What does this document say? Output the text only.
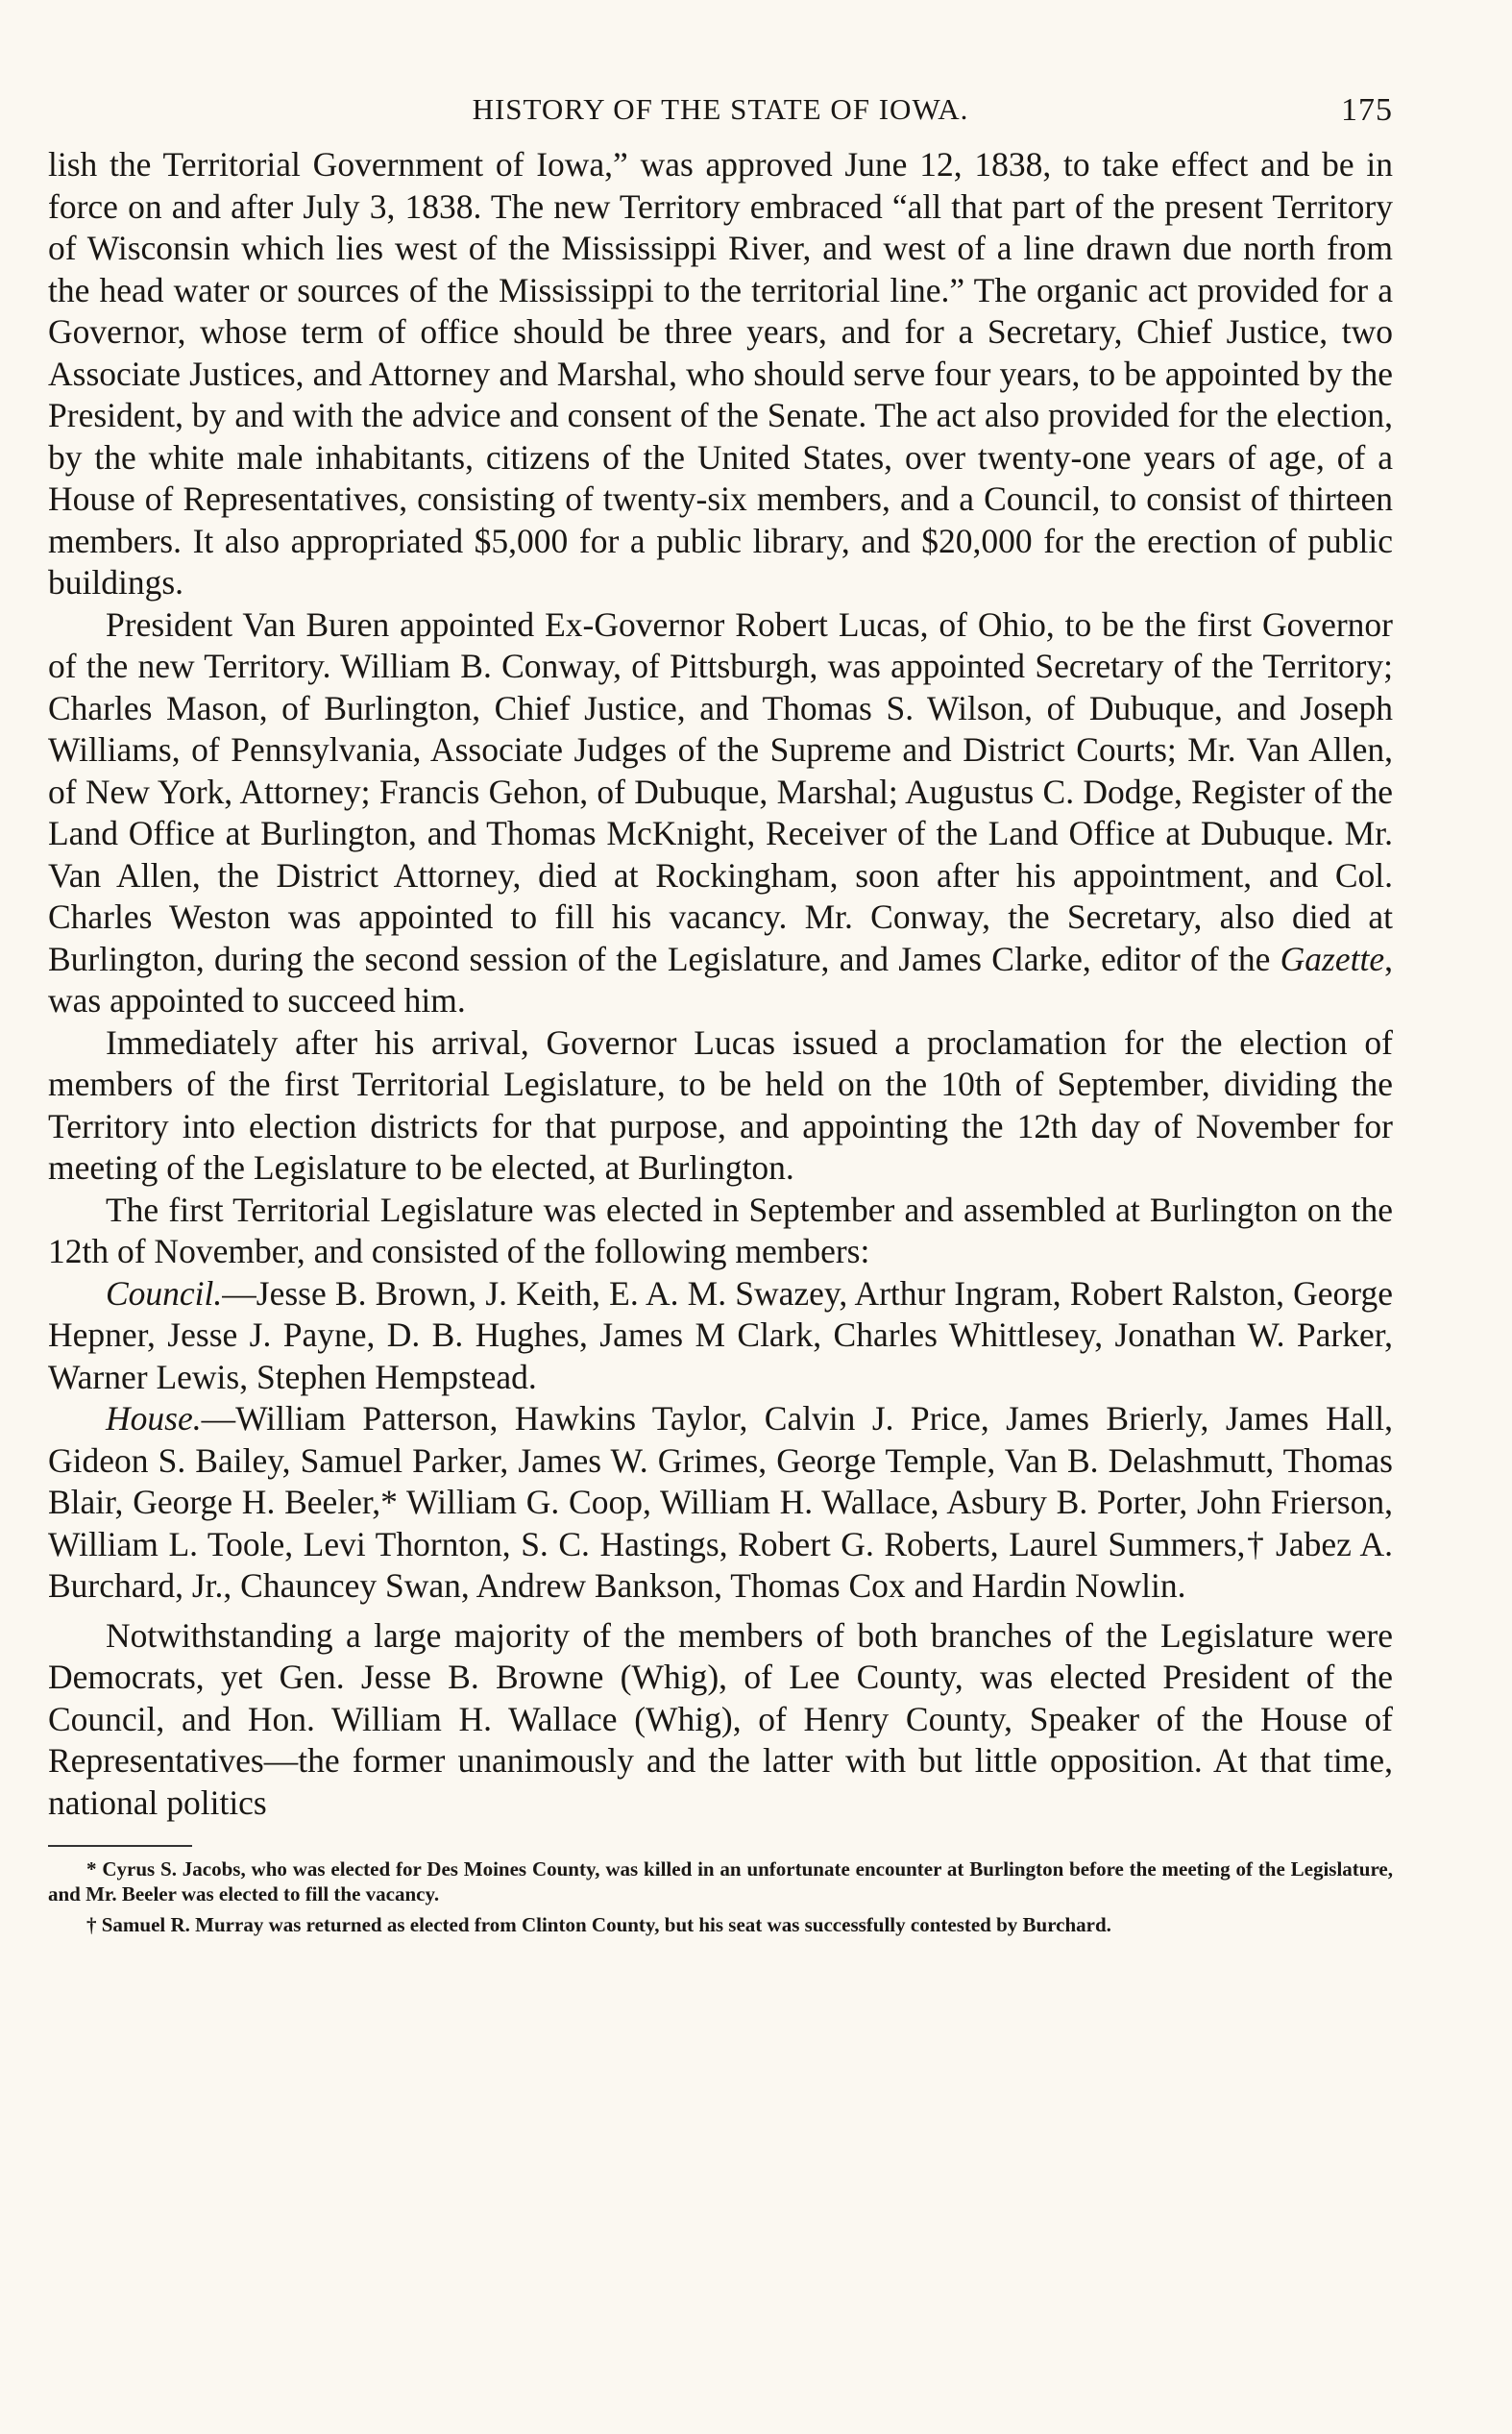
HISTORY OF THE STATE OF IOWA.	175

lish the Territorial Government of Iowa,” was approved June 12, 1838, to take effect and be in force on and after July 3, 1838. The new Territory embraced “all that part of the present Territory of Wisconsin which lies west of the Mississippi River, and west of a line drawn due north from the head water or sources of the Mississippi to the territorial line.” The organic act provided for a Governor, whose term of office should be three years, and for a Secretary, Chief Justice, two Associate Justices, and Attorney and Marshal, who should serve four years, to be appointed by the President, by and with the advice and consent of the Senate. The act also provided for the election, by the white male inhabitants, citizens of the United States, over twenty-one years of age, of a House of Representatives, consisting of twenty-six members, and a Council, to consist of thirteen members. It also appropriated $5,000 for a public library, and $20,000 for the erection of public buildings.

President Van Buren appointed Ex-Governor Robert Lucas, of Ohio, to be the first Governor of the new Territory. William B. Conway, of Pittsburgh, was appointed Secretary of the Territory; Charles Mason, of Burlington, Chief Justice, and Thomas S. Wilson, of Dubuque, and Joseph Williams, of Pennsylvania, Associate Judges of the Supreme and District Courts; Mr. Van Allen, of New York, Attorney; Francis Gehon, of Dubuque, Marshal; Augustus C. Dodge, Register of the Land Office at Burlington, and Thomas McKnight, Receiver of the Land Office at Dubuque. Mr. Van Allen, the District Attorney, died at Rockingham, soon after his appointment, and Col. Charles Weston was appointed to fill his vacancy. Mr. Conway, the Secretary, also died at Burlington, during the second session of the Legislature, and James Clarke, editor of the Gazette, was appointed to succeed him.

Immediately after his arrival, Governor Lucas issued a proclamation for the election of members of the first Territorial Legislature, to be held on the 10th of September, dividing the Territory into election districts for that purpose, and appointing the 12th day of November for meeting of the Legislature to be elected, at Burlington.

The first Territorial Legislature was elected in September and assembled at Burlington on the 12th of November, and consisted of the following members:

Council.—Jesse B. Brown, J. Keith, E. A. M. Swazey, Arthur Ingram, Robert Ralston, George Hepner, Jesse J. Payne, D. B. Hughes, James M Clark, Charles Whittlesey, Jonathan W. Parker, Warner Lewis, Stephen Hempstead.

House.—William Patterson, Hawkins Taylor, Calvin J. Price, James Brierly, James Hall, Gideon S. Bailey, Samuel Parker, James W. Grimes, George Temple, Van B. Delashmutt, Thomas Blair, George H. Beeler,* William G. Coop, William H. Wallace, Asbury B. Porter, John Frierson, William L. Toole, Levi Thornton, S. C. Hastings, Robert G. Roberts, Laurel Summers,† Jabez A. Burchard, Jr., Chauncey Swan, Andrew Bankson, Thomas Cox and Hardin Nowlin.

Notwithstanding a large majority of the members of both branches of the Legislature were Democrats, yet Gen. Jesse B. Browne (Whig), of Lee County, was elected President of the Council, and Hon. William H. Wallace (Whig), of Henry County, Speaker of the House of Representatives—the former unanimously and the latter with but little opposition. At that time, national politics

* Cyrus S. Jacobs, who was elected for Des Moines County, was killed in an unfortunate encounter at Burlington before the meeting of the Legislature, and Mr. Beeler was elected to fill the vacancy.

† Samuel R. Murray was returned as elected from Clinton County, but his seat was successfully contested by Burchard.
